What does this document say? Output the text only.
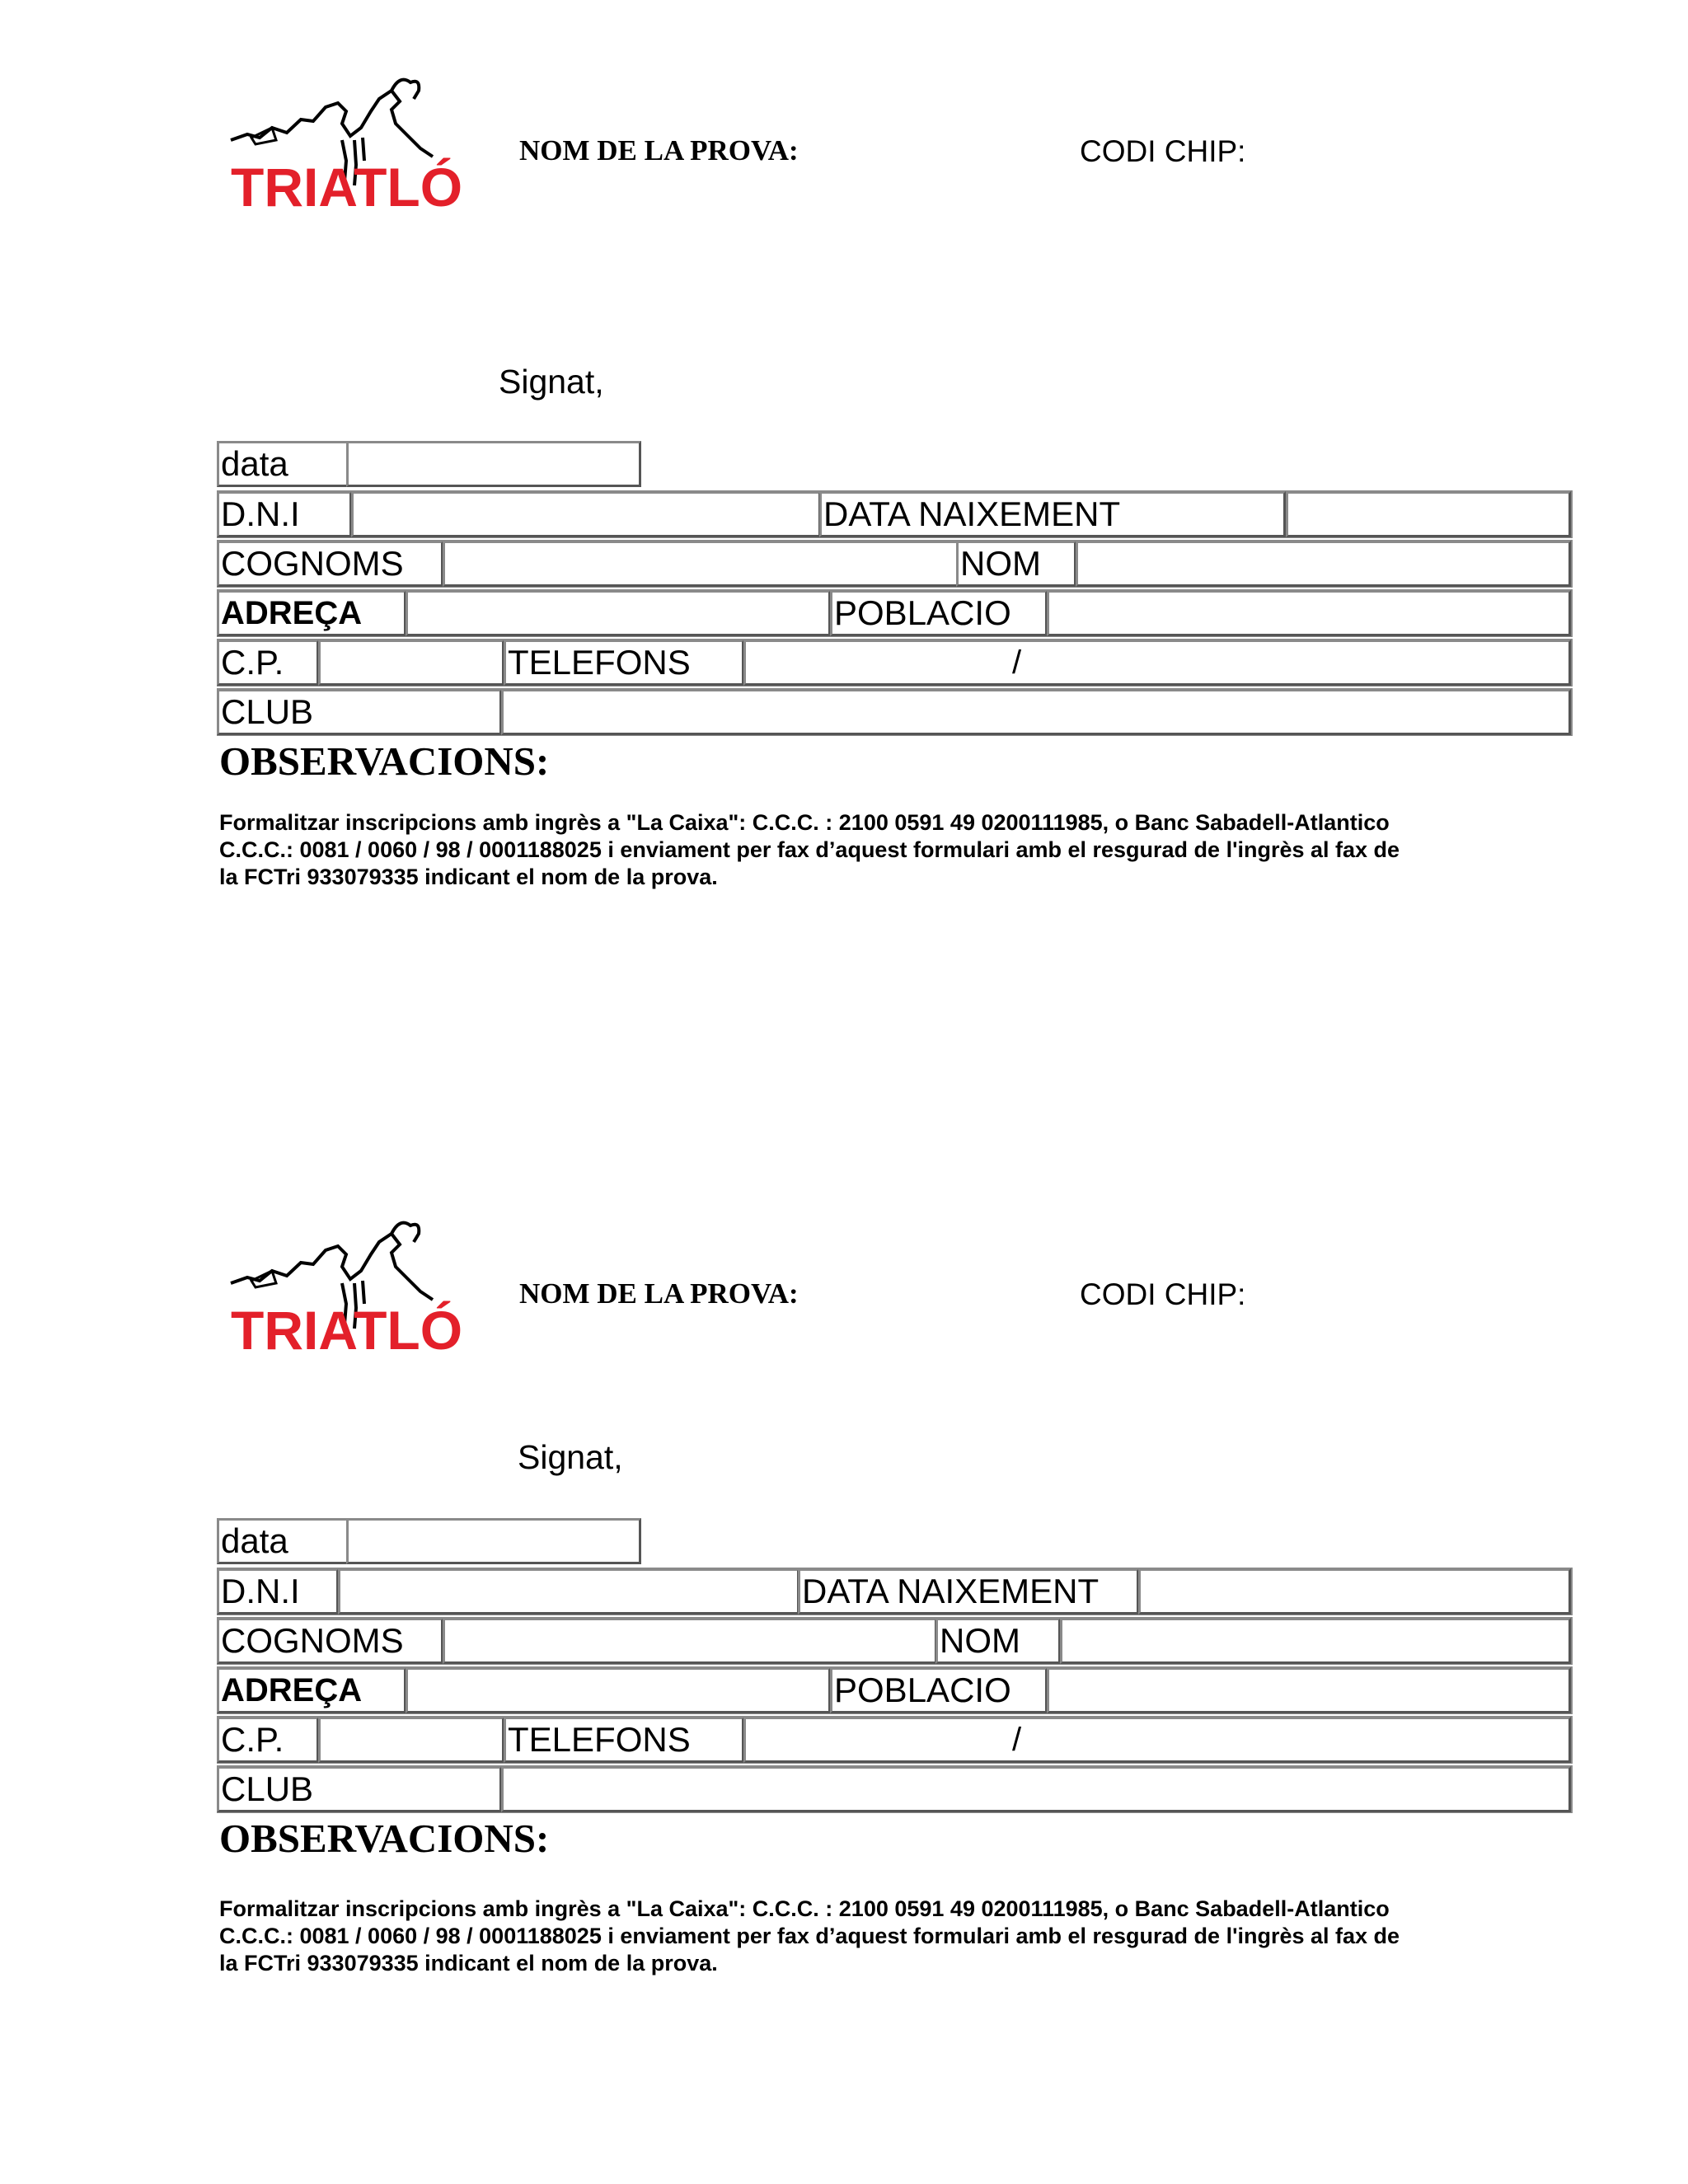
TRIATLÓ
NOM DE LA PROVA:	CODI CHIP:
Signat,
data
D.N.I	DATA NAIXEMENT
COGNOMS	NOM
ADREÇA	POBLACIO
C.P.	TELEFONS	/
CLUB
OBSERVACIONS:
Formalitzar inscripcions amb ingrès a "La Caixa": C.C.C. : 2100 0591 49 0200111985, o Banc Sabadell-Atlantico
C.C.C.: 0081 / 0060 / 98 / 0001188025 i enviament per fax d’aquest formulari amb el resgurad de l'ingrès al fax de
la FCTri 933079335 indicant el nom de la prova.
TRIATLÓ
NOM DE LA PROVA:	CODI CHIP:
Signat,
data
D.N.I	DATA NAIXEMENT
COGNOMS	NOM
ADREÇA	POBLACIO
C.P.	TELEFONS	/
CLUB
OBSERVACIONS:
Formalitzar inscripcions amb ingrès a "La Caixa": C.C.C. : 2100 0591 49 0200111985, o Banc Sabadell-Atlantico
C.C.C.: 0081 / 0060 / 98 / 0001188025 i enviament per fax d’aquest formulari amb el resgurad de l'ingrès al fax de
la FCTri 933079335 indicant el nom de la prova.
